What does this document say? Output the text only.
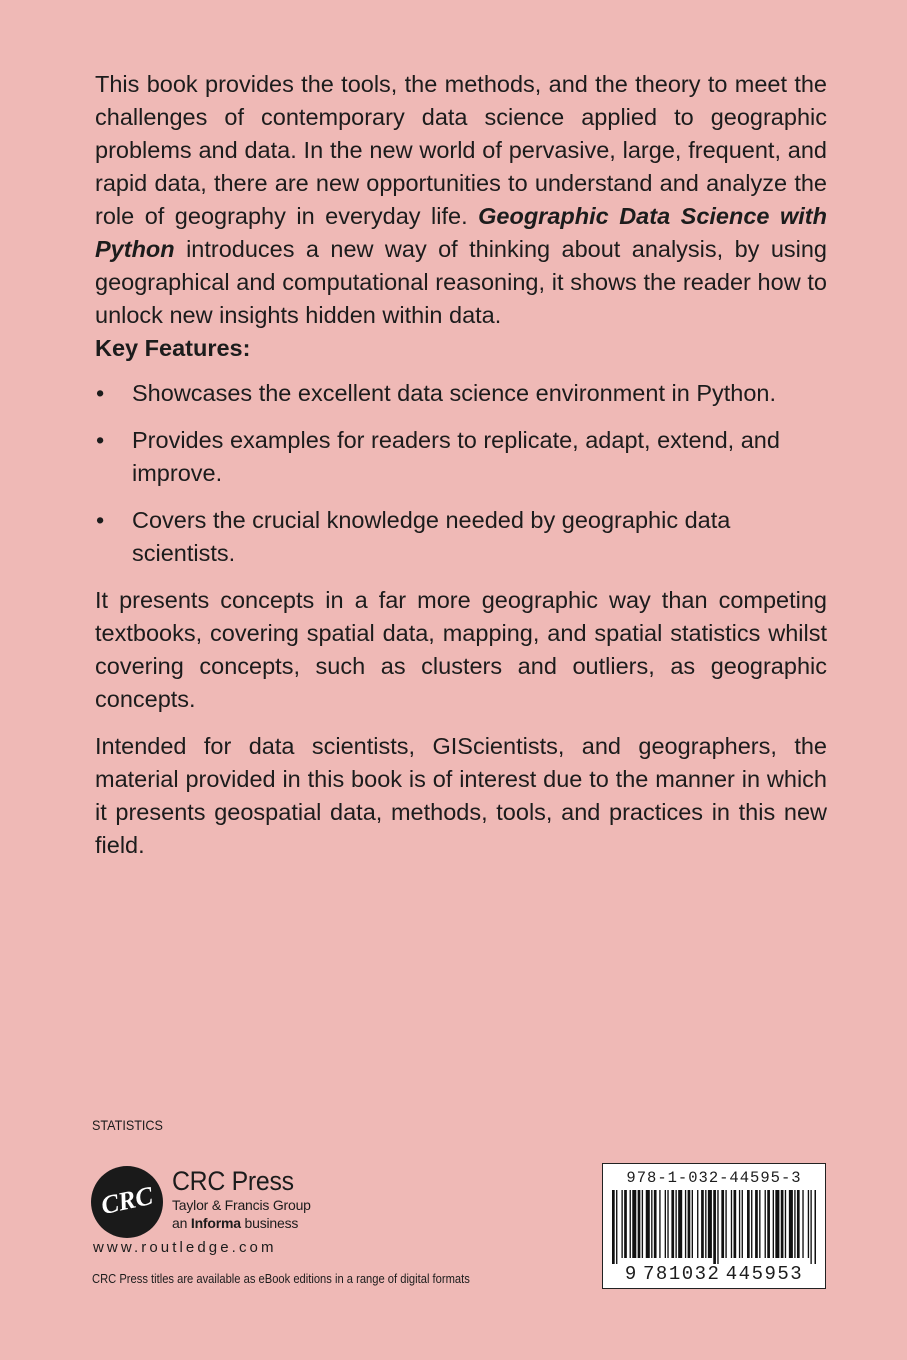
This book provides the tools, the methods, and the theory to meet the challenges of contemporary data science applied to geographic problems and data. In the new world of pervasive, large, frequent, and rapid data, there are new opportunities to understand and analyze the role of geography in everyday life. Geographic Data Science with Python introduces a new way of thinking about analysis, by using geographical and computational reasoning, it shows the reader how to unlock new insights hidden within data.

Key Features:

• Showcases the excellent data science environment in Python.
• Provides examples for readers to replicate, adapt, extend, and improve.
• Covers the crucial knowledge needed by geographic data scientists.

It presents concepts in a far more geographic way than competing textbooks, covering spatial data, mapping, and spatial statistics whilst covering concepts, such as clusters and outliers, as geographic concepts.

Intended for data scientists, GIScientists, and geographers, the material provided in this book is of interest due to the manner in which it presents geospatial data, methods, tools, and practices in this new field.

STATISTICS
CRC CRC Press
Taylor & Francis Group
an Informa business
www.routledge.com
CRC Press titles are available as eBook editions in a range of digital formats
978-1-032-44595-3
9  781032  445953
